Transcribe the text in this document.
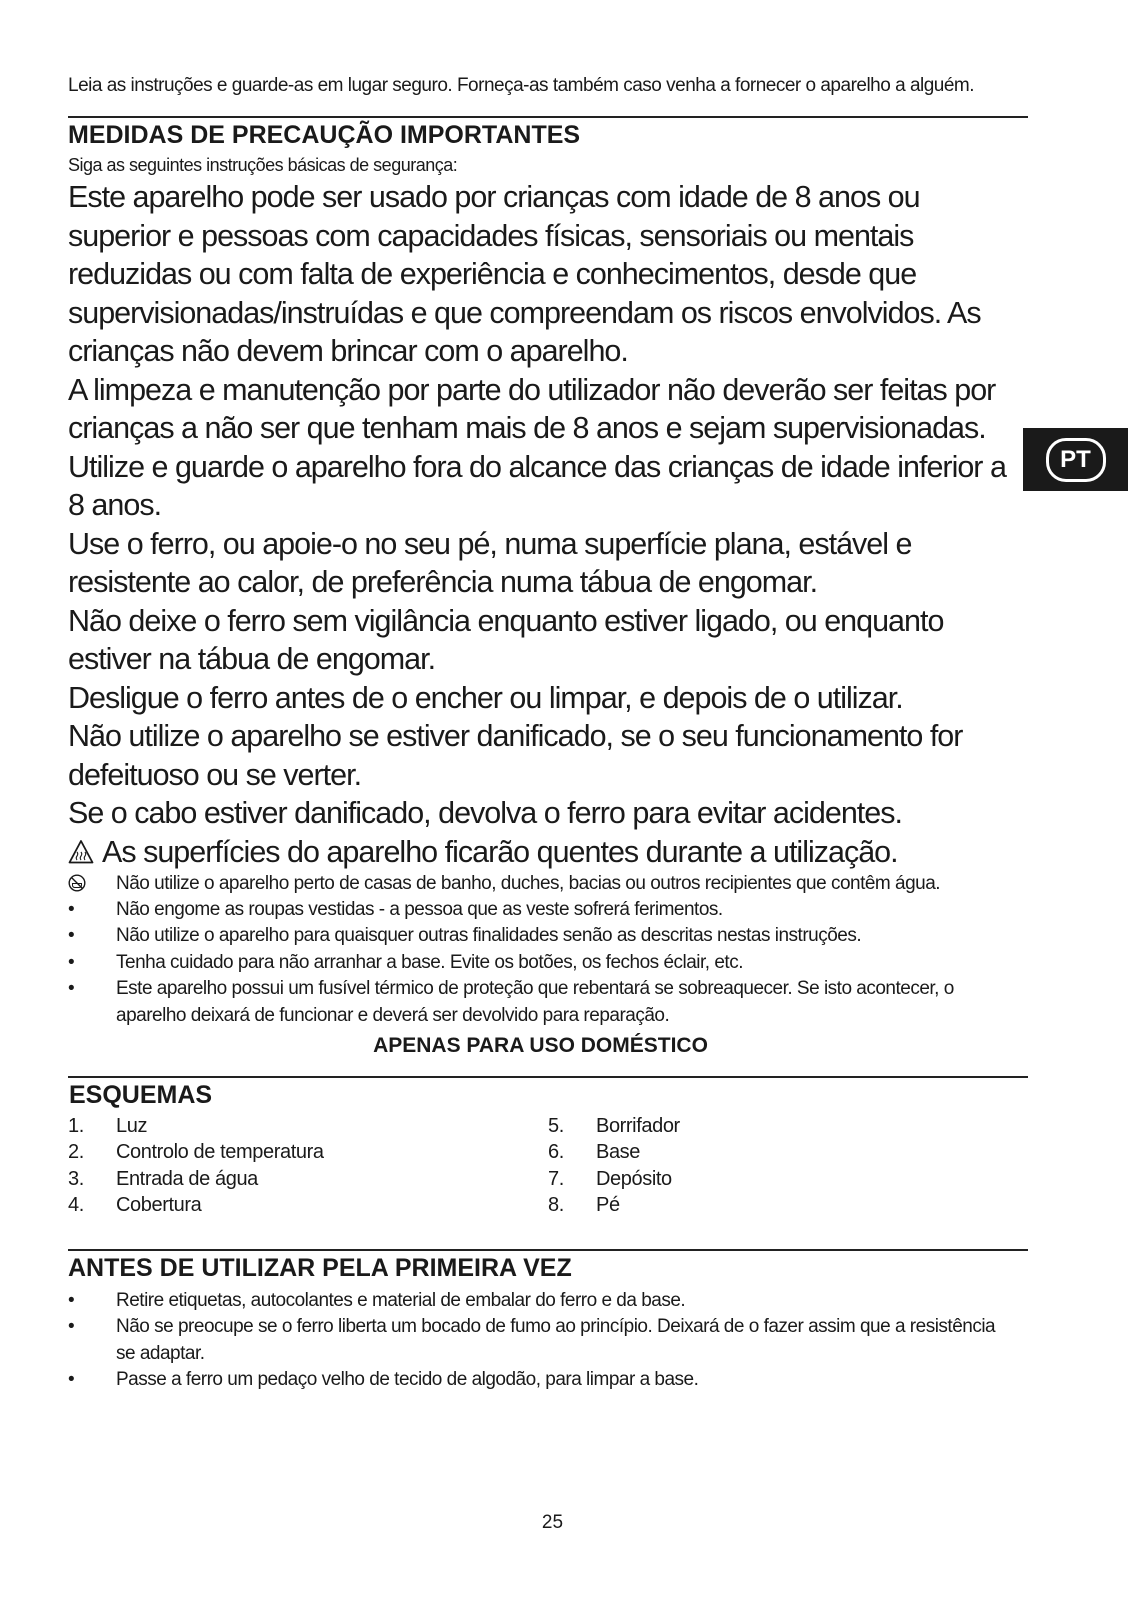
Leia as instruções e guarde-as em lugar seguro. Forneça-as também caso venha a fornecer o aparelho a alguém.

MEDIDAS DE PRECAUÇÃO IMPORTANTES

Siga as seguintes instruções básicas de segurança:

Este aparelho pode ser usado por crianças com idade de 8 anos ou superior e pessoas com capacidades físicas, sensoriais ou mentais reduzidas ou com falta de experiência e conhecimentos, desde que supervisionadas/instruídas e que compreendam os riscos envolvidos. As crianças não devem brincar com o aparelho.

A limpeza e manutenção por parte do utilizador não deverão ser feitas por crianças a não ser que tenham mais de 8 anos e sejam supervisionadas.

Utilize e guarde o aparelho fora do alcance das crianças de idade inferior a 8 anos.

Use o ferro, ou apoie-o no seu pé, numa superfície plana, estável e resistente ao calor, de preferência numa tábua de engomar.

Não deixe o ferro sem vigilância enquanto estiver ligado, ou enquanto estiver na tábua de engomar.

Desligue o ferro antes de o encher ou limpar, e depois de o utilizar.

Não utilize o aparelho se estiver danificado, se o seu funcionamento for defeituoso ou se verter.

Se o cabo estiver danificado, devolva o ferro para evitar acidentes.

As superfícies do aparelho ficarão quentes durante a utilização.

Não utilize o aparelho perto de casas de banho, duches, bacias ou outros recipientes que contêm água.
•	Não engome as roupas vestidas - a pessoa que as veste sofrerá ferimentos.
•	Não utilize o aparelho para quaisquer outras finalidades senão as descritas nestas instruções.
•	Tenha cuidado para não arranhar a base. Evite os botões, os fechos éclair, etc.
•	Este aparelho possui um fusível térmico de proteção que rebentará se sobreaquecer. Se isto acontecer, o aparelho deixará de funcionar e deverá ser devolvido para reparação.

APENAS PARA USO DOMÉSTICO

ESQUEMAS
1.	Luz
2.	Controlo de temperatura
3.	Entrada de água
4.	Cobertura
5.	Borrifador
6.	Base
7.	Depósito
8.	Pé
ANTES DE UTILIZAR PELA PRIMEIRA VEZ
•	Retire etiquetas, autocolantes e material de embalar do ferro e da base.
•	Não se preocupe se o ferro liberta um bocado de fumo ao princípio. Deixará de o fazer assim que a resistência se adaptar.
•	Passe a ferro um pedaço velho de tecido de algodão, para limpar a base.
PT
25
